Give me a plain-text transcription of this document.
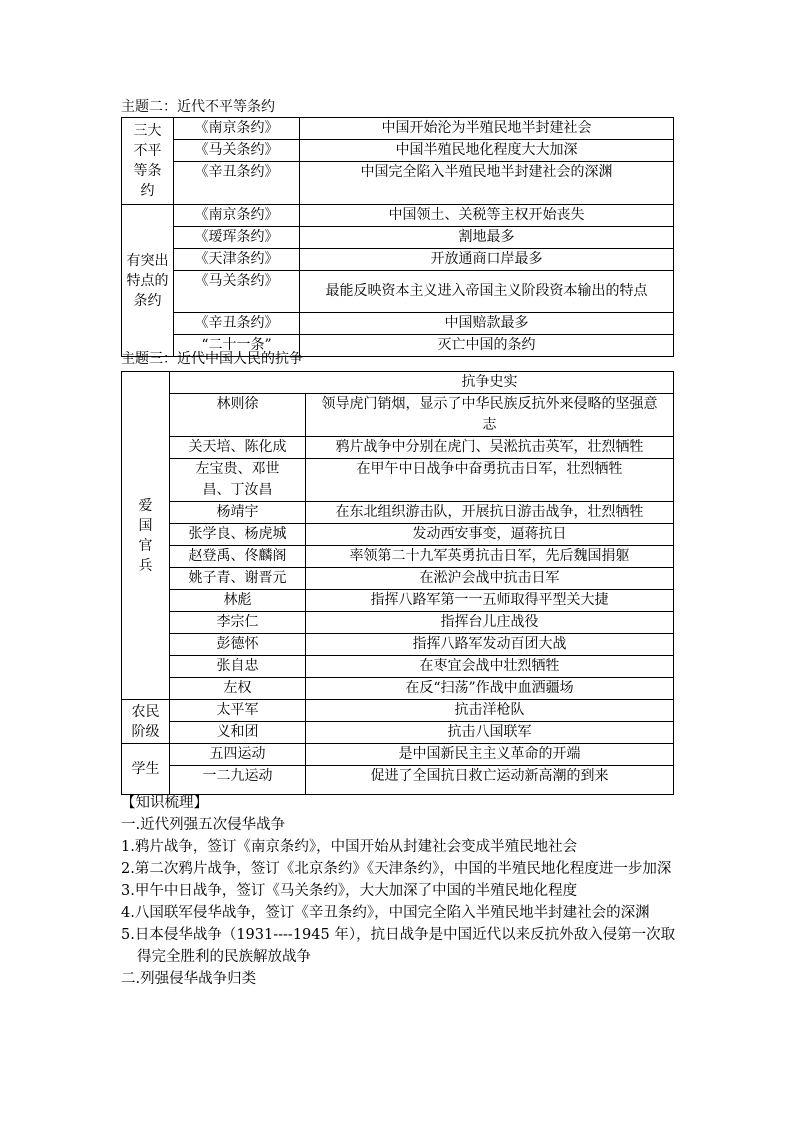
主题二：近代不平等条约
三大不平等条约	《南京条约》	中国开始沦为半殖民地半封建社会
	《马关条约》	中国半殖民地化程度大大加深
	《辛丑条约》	中国完全陷入半殖民地半封建社会的深渊

有突出特点的条约	《南京条约》	中国领土、关税等主权开始丧失
	《瑷珲条约》	割地最多
	《天津条约》	开放通商口岸最多
	《马关条约》	最能反映资本主义进入帝国主义阶段资本输出的特点

	《辛丑条约》	中国赔款最多
	“二十一条”	灭亡中国的条约
主题三：近代中国人民的抗争
爱国官兵	抗争史实	

	林则徐	领导虎门销烟，显示了中华民族反抗外来侵略的坚强意志

	关天培、陈化成	鸦片战争中分别在虎门、吴淞抗击英军，壮烈牺牲

	左宝贵、邓世昌、丁汝昌	在甲午中日战争中奋勇抗击日军，壮烈牺牲
	杨靖宇	在东北组织游击队，开展抗日游击战争，壮烈牺牲
	张学良、杨虎城	发动西安事变，逼蒋抗日
	赵登禹、佟麟阁	率领第二十九军英勇抗击日军，先后魏国捐躯
	姚子青、谢晋元	在淞沪会战中抗击日军
	林彪	指挥八路军第一一五师取得平型关大捷
	李宗仁	指挥台儿庄战役
	彭德怀	指挥八路军发动百团大战
	张自忠	在枣宜会战中壮烈牺牲
	左权	在反“扫荡”作战中血洒疆场

农民阶级	太平军	抗击洋枪队
	义和团	抗击八国联军

学生	五四运动	是中国新民主主义革命的开端
	一二九运动	促进了全国抗日救亡运动新高潮的到来

【知识梳理】

一.近代列强五次侵华战争

1.鸦片战争，签订《南京条约》，中国开始从封建社会变成半殖民地社会

2.第二次鸦片战争，签订《北京条约》《天津条约》，中国的半殖民地化程度进一步加深

3.甲午中日战争，签订《马关条约》，大大加深了中国的半殖民地化程度

4.八国联军侵华战争，签订《辛丑条约》，中国完全陷入半殖民地半封建社会的深渊

5.日本侵华战争（1931----1945 年），抗日战争是中国近代以来反抗外敌入侵第一次取得完全胜利的民族解放战争

二.列强侵华战争归类
